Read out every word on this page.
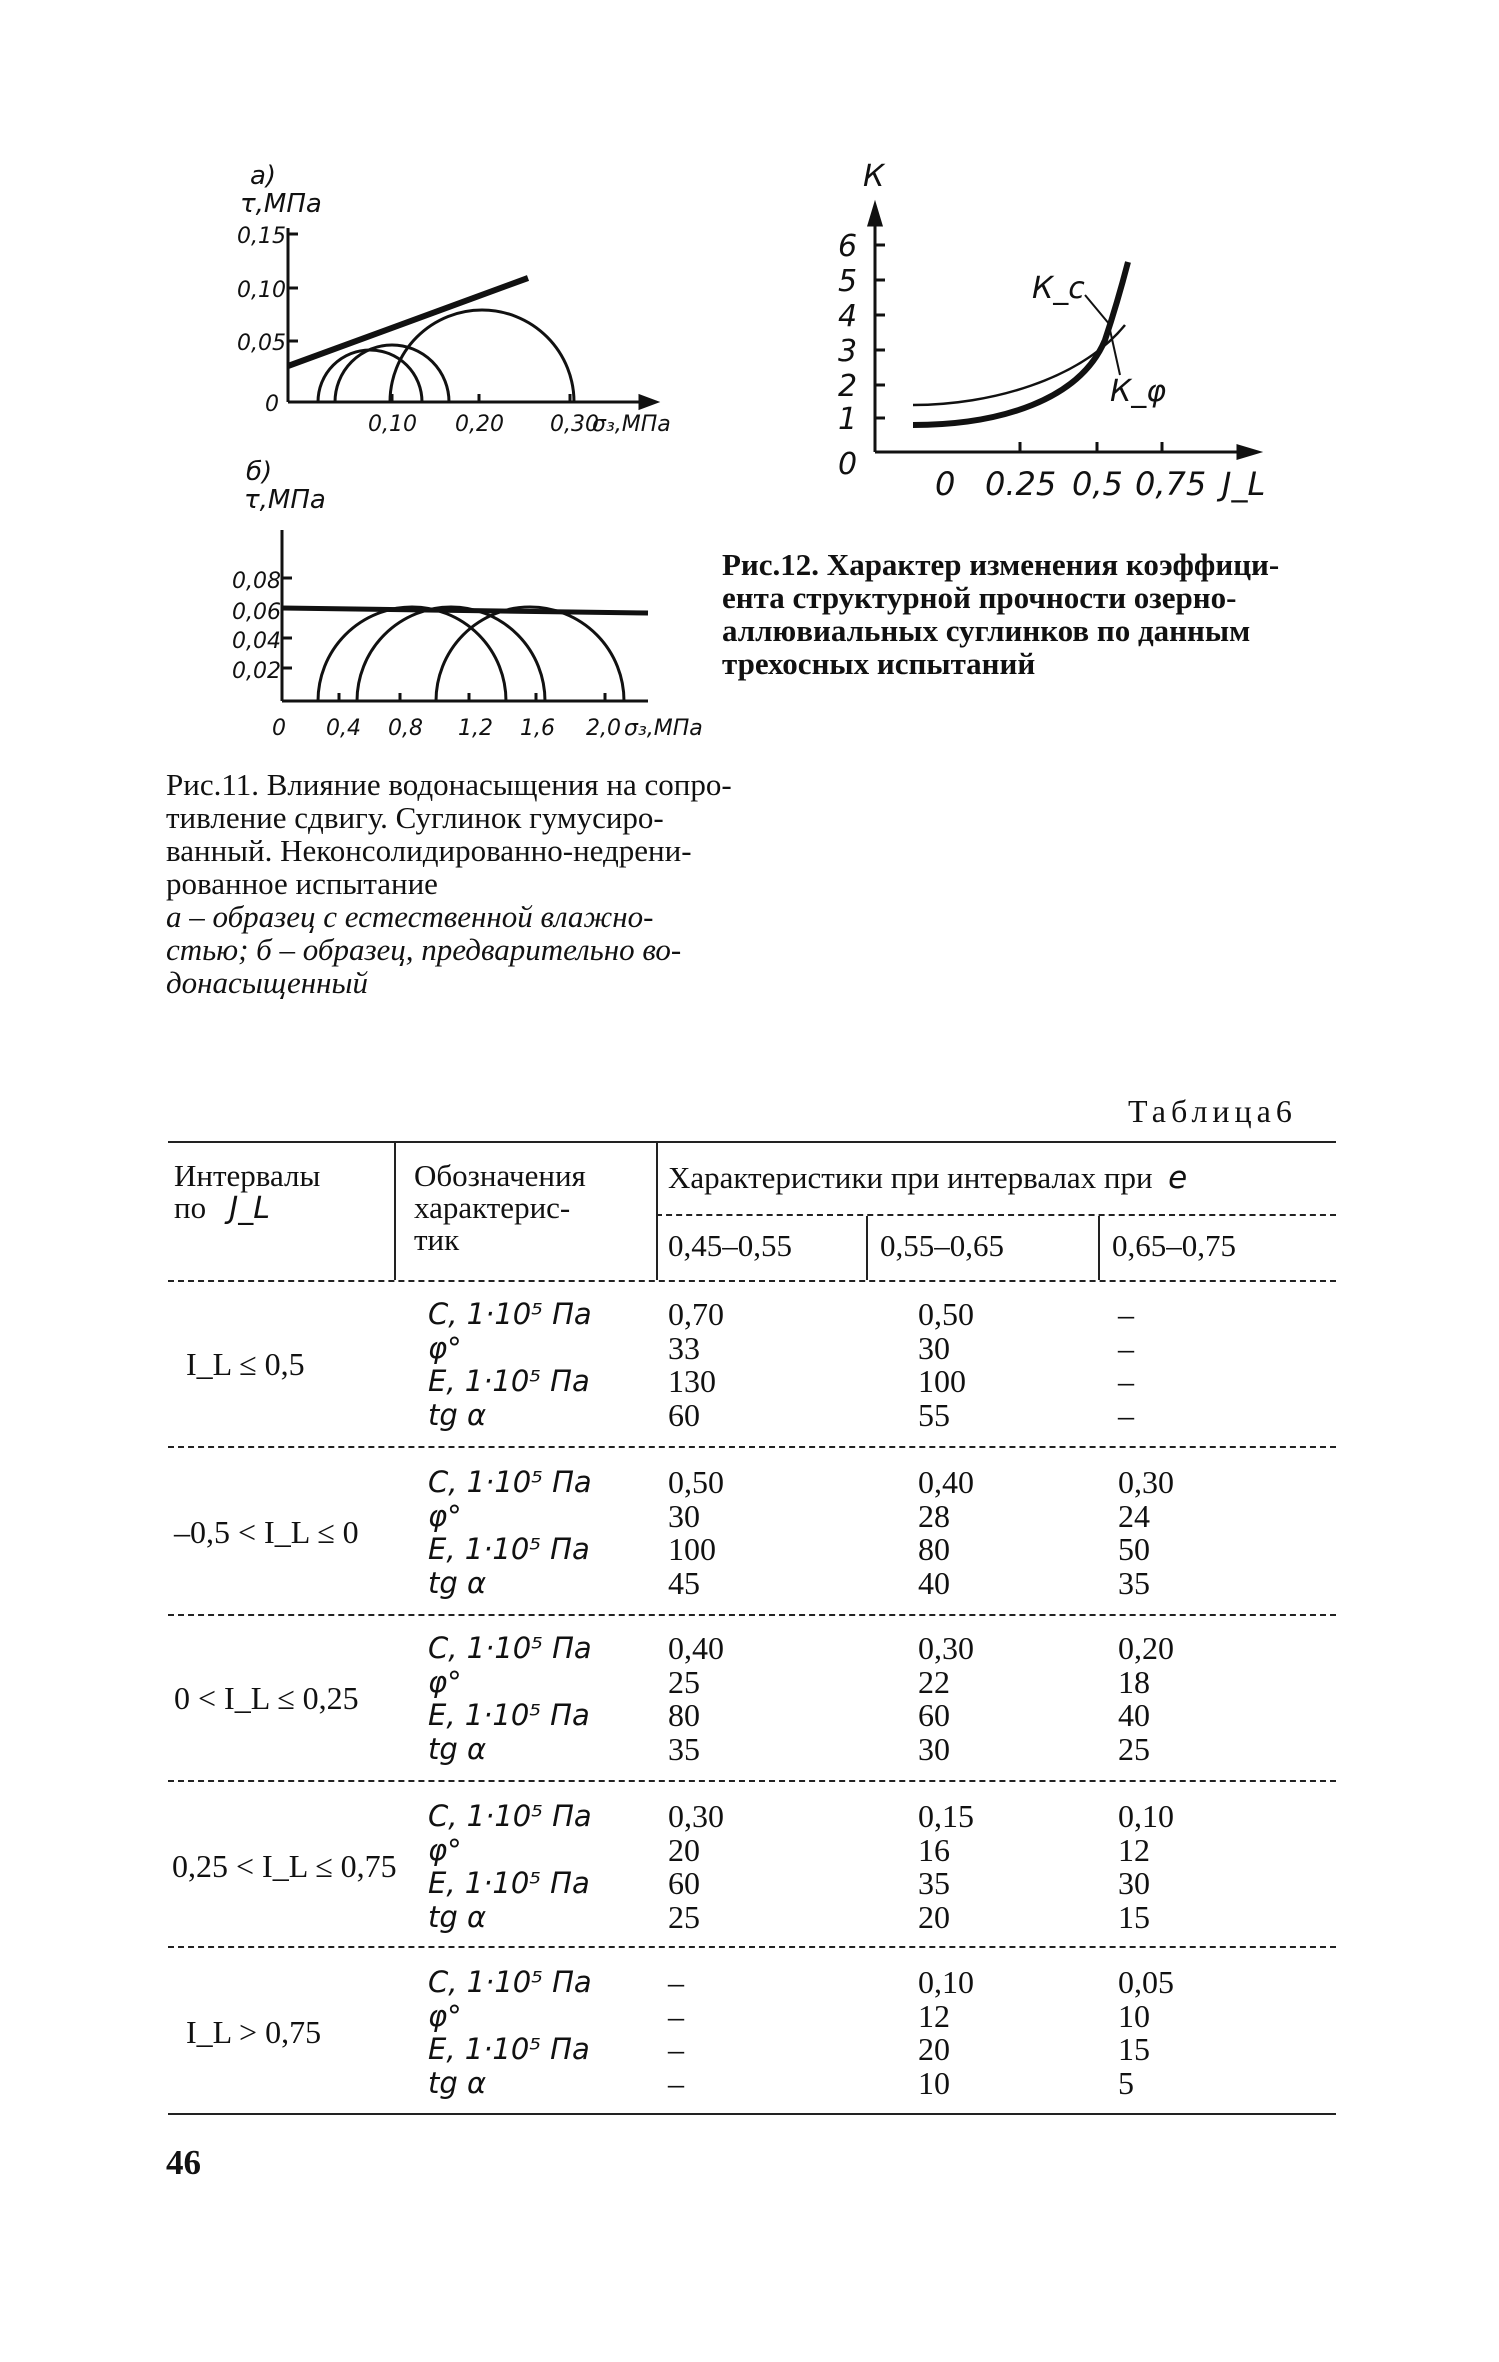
а)
τ,МПа
0,15
0,10
0,05
0
0,10 0,20 0,30
σ₃,МПа
б)
τ,МПа
0,08
0,06
0,04
0,02
0 0,4 0,8 1,2 1,6 2,0 σ₃,МПа
К
6
5
4
3
2
1
0
0 0.25 0,5 0,75 J_L
К_с
К_φ
Рис.12. Характер изменения коэффици-
ента структурной прочности озерно-
аллювиальных суглинков по данным
трехосных испытаний
Рис.11. Влияние водонасыщения на сопро-
тивление сдвигу. Суглинок гумусиро-
ванный. Неконсолидированно-недрени-
рованное испытание
а – образец с естественной влажно-
стью; б – образец, предварительно во-
донасыщенный
Таблица6
Интервалы
по J_L
Обозначения
характерис-
тик
Характеристики при интервалах при e
0,45–0,55	0,55–0,65	0,65–0,75
I_L ≤ 0,5
C, 1·10⁵ Па 0,70	0,50	–
φ°	33	30	–
E, 1·10⁵ Па 130	100	–
tg α	60	55	–
–0,5 < I_L ≤ 0
C, 1·10⁵ Па 0,50	0,40	0,30
φ°	30	28	24
E, 1·10⁵ Па 100	80	50
tg α	45	40	35
0 < I_L ≤ 0,25
C, 1·10⁵ Па 0,40	0,30	0,20
φ°	25	22	18
E, 1·10⁵ Па 80	60	40
tg α	35	30	25
0,25 < I_L ≤ 0,75
C, 1·10⁵ Па 0,30	0,15	0,10
φ°	20	16	12
E, 1·10⁵ Па 60	35	30
tg α	25	20	15
I_L > 0,75
C, 1·10⁵ Па –	0,10	0,05
φ°	–	12	10
E, 1·10⁵ Па –	20	15
tg α	–	10	5
46
